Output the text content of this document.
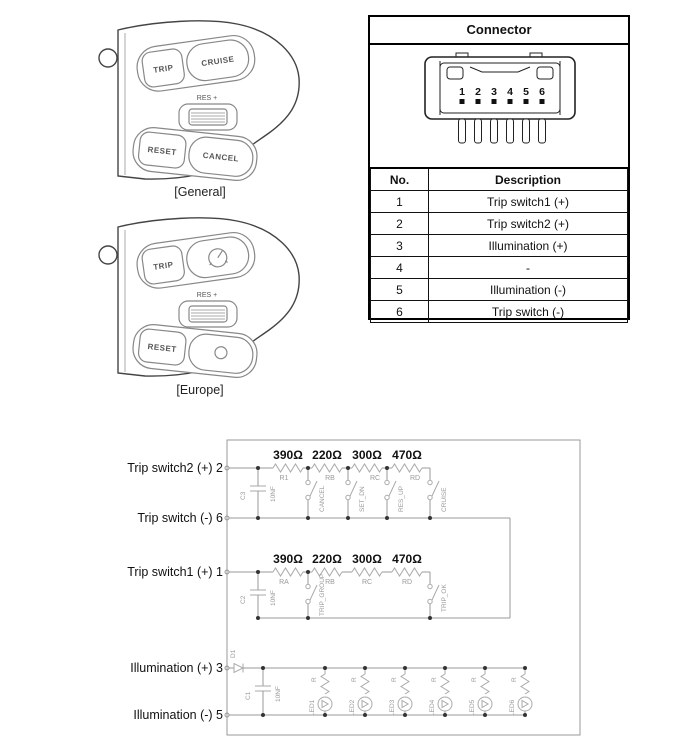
TRIP
CRUISE
RES +
RESET	CANCEL
[General]
TRIP
RES +
RESET
[Europe]
Connector
1 2 3 4 5 6
No.	Description
1	Trip switch1 (+)
2	Trip switch2 (+)
3	Illumination (+)
4	-
5	Illumination (-)
6	Trip switch (-)
Trip switch2 (+) 2
Trip switch (-) 6
Trip switch1 (+) 1
Illumination (+) 3
Illumination (-) 5
390Ω 220Ω 300Ω 470Ω
R1	RB	RC	RD
C3	10NF	CANCEL	SET_DN	RES_UP	CRUISE
390Ω 220Ω 300Ω 470Ω
RA	RB	RC	RD
C2	10NF	TRIP_GROUP	TRIP_OK
D1
C1	10NF
R
LED1
R
LED2
R
LED3
R
LED4
R
LED5
R
LED6
